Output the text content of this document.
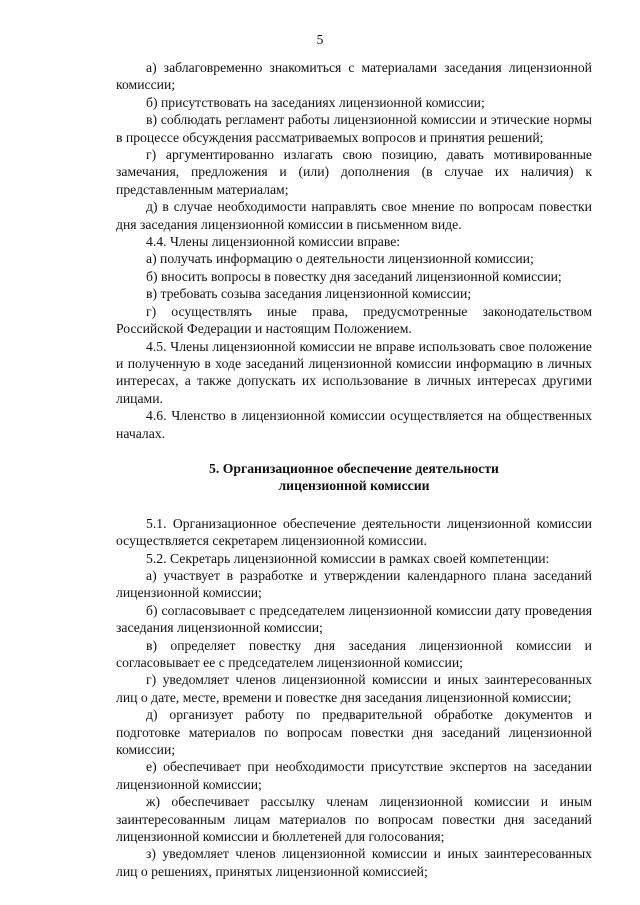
5

а) заблаговременно знакомиться с материалами заседания лицензионной комиссии;

б) присутствовать на заседаниях лицензионной комиссии;

в) соблюдать регламент работы лицензионной комиссии и этические нормы в процессе обсуждения рассматриваемых вопросов и принятия решений;

г) аргументированно излагать свою позицию, давать мотивированные замечания, предложения и (или) дополнения (в случае их наличия) к представленным материалам;

д) в случае необходимости направлять свое мнение по вопросам повестки дня заседания лицензионной комиссии в письменном виде.

4.4. Члены лицензионной комиссии вправе:

а) получать информацию о деятельности лицензионной комиссии;

б) вносить вопросы в повестку дня заседаний лицензионной комиссии;

в) требовать созыва заседания лицензионной комиссии;

г) осуществлять иные права, предусмотренные законодательством Российской Федерации и настоящим Положением.

4.5. Члены лицензионной комиссии не вправе использовать свое положение и полученную в ходе заседаний лицензионной комиссии информацию в личных интересах, а также допускать их использование в личных интересах другими лицами.

4.6. Членство в лицензионной комиссии осуществляется на общественных началах.

5. Организационное обеспечение деятельности
лицензионной комиссии

5.1. Организационное обеспечение деятельности лицензионной комиссии осуществляется секретарем лицензионной комиссии.

5.2. Секретарь лицензионной комиссии в рамках своей компетенции:

а) участвует в разработке и утверждении календарного плана заседаний лицензионной комиссии;

б) согласовывает с председателем лицензионной комиссии дату проведения заседания лицензионной комиссии;

в) определяет повестку дня заседания лицензионной комиссии и согласовывает ее с председателем лицензионной комиссии;

г) уведомляет членов лицензионной комиссии и иных заинтересованных лиц о дате, месте, времени и повестке дня заседания лицензионной комиссии;

д) организует работу по предварительной обработке документов и подготовке материалов по вопросам повестки дня заседаний лицензионной комиссии;

е) обеспечивает при необходимости присутствие экспертов на заседании лицензионной комиссии;

ж) обеспечивает рассылку членам лицензионной комиссии и иным заинтересованным лицам материалов по вопросам повестки дня заседаний лицензионной комиссии и бюллетеней для голосования;

з) уведомляет членов лицензионной комиссии и иных заинтересованных лиц о решениях, принятых лицензионной комиссией;
